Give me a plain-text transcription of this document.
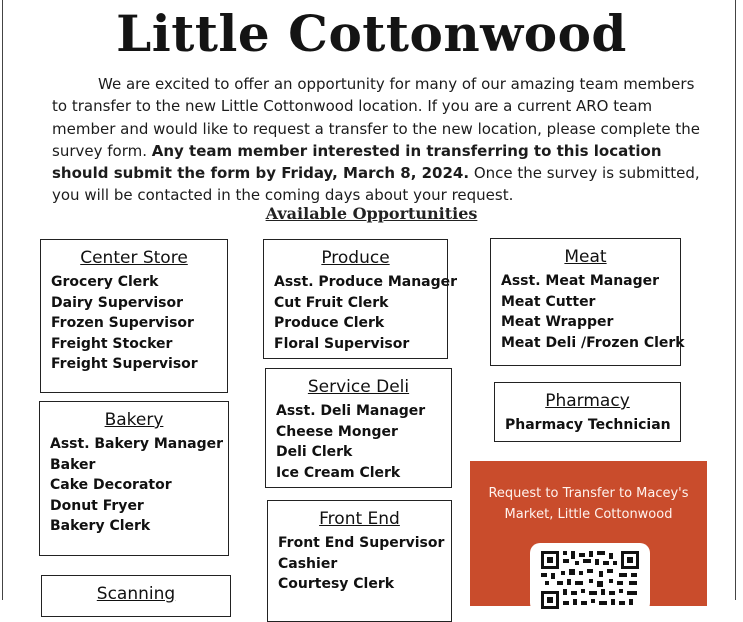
Little Cottonwood
We are excited to offer an opportunity for many of our amazing team members to transfer to the new Little Cottonwood location. If you are a current ARO team member and would like to request a transfer to the new location, please complete the survey form. Any team member interested in transferring to this location should submit the form by Friday, March 8, 2024. Once the survey is submitted, you will be contacted in the coming days about your request.
Available Opportunities
Center Store
Grocery Clerk
Dairy Supervisor
Frozen Supervisor
Freight Stocker
Freight Supervisor
Bakery
Asst. Bakery Manager
Baker
Cake Decorator
Donut Fryer
Bakery Clerk
Scanning
Produce
Asst. Produce Manager
Cut Fruit Clerk
Produce Clerk
Floral Supervisor
Service Deli
Asst. Deli Manager
Cheese Monger
Deli Clerk
Ice Cream Clerk
Front End
Front End Supervisor
Cashier
Courtesy Clerk
Meat
Asst. Meat Manager
Meat Cutter
Meat Wrapper
Meat Deli /Frozen Clerk
Pharmacy
Pharmacy Technician
Request to Transfer to Macey's Market, Little Cottonwood
